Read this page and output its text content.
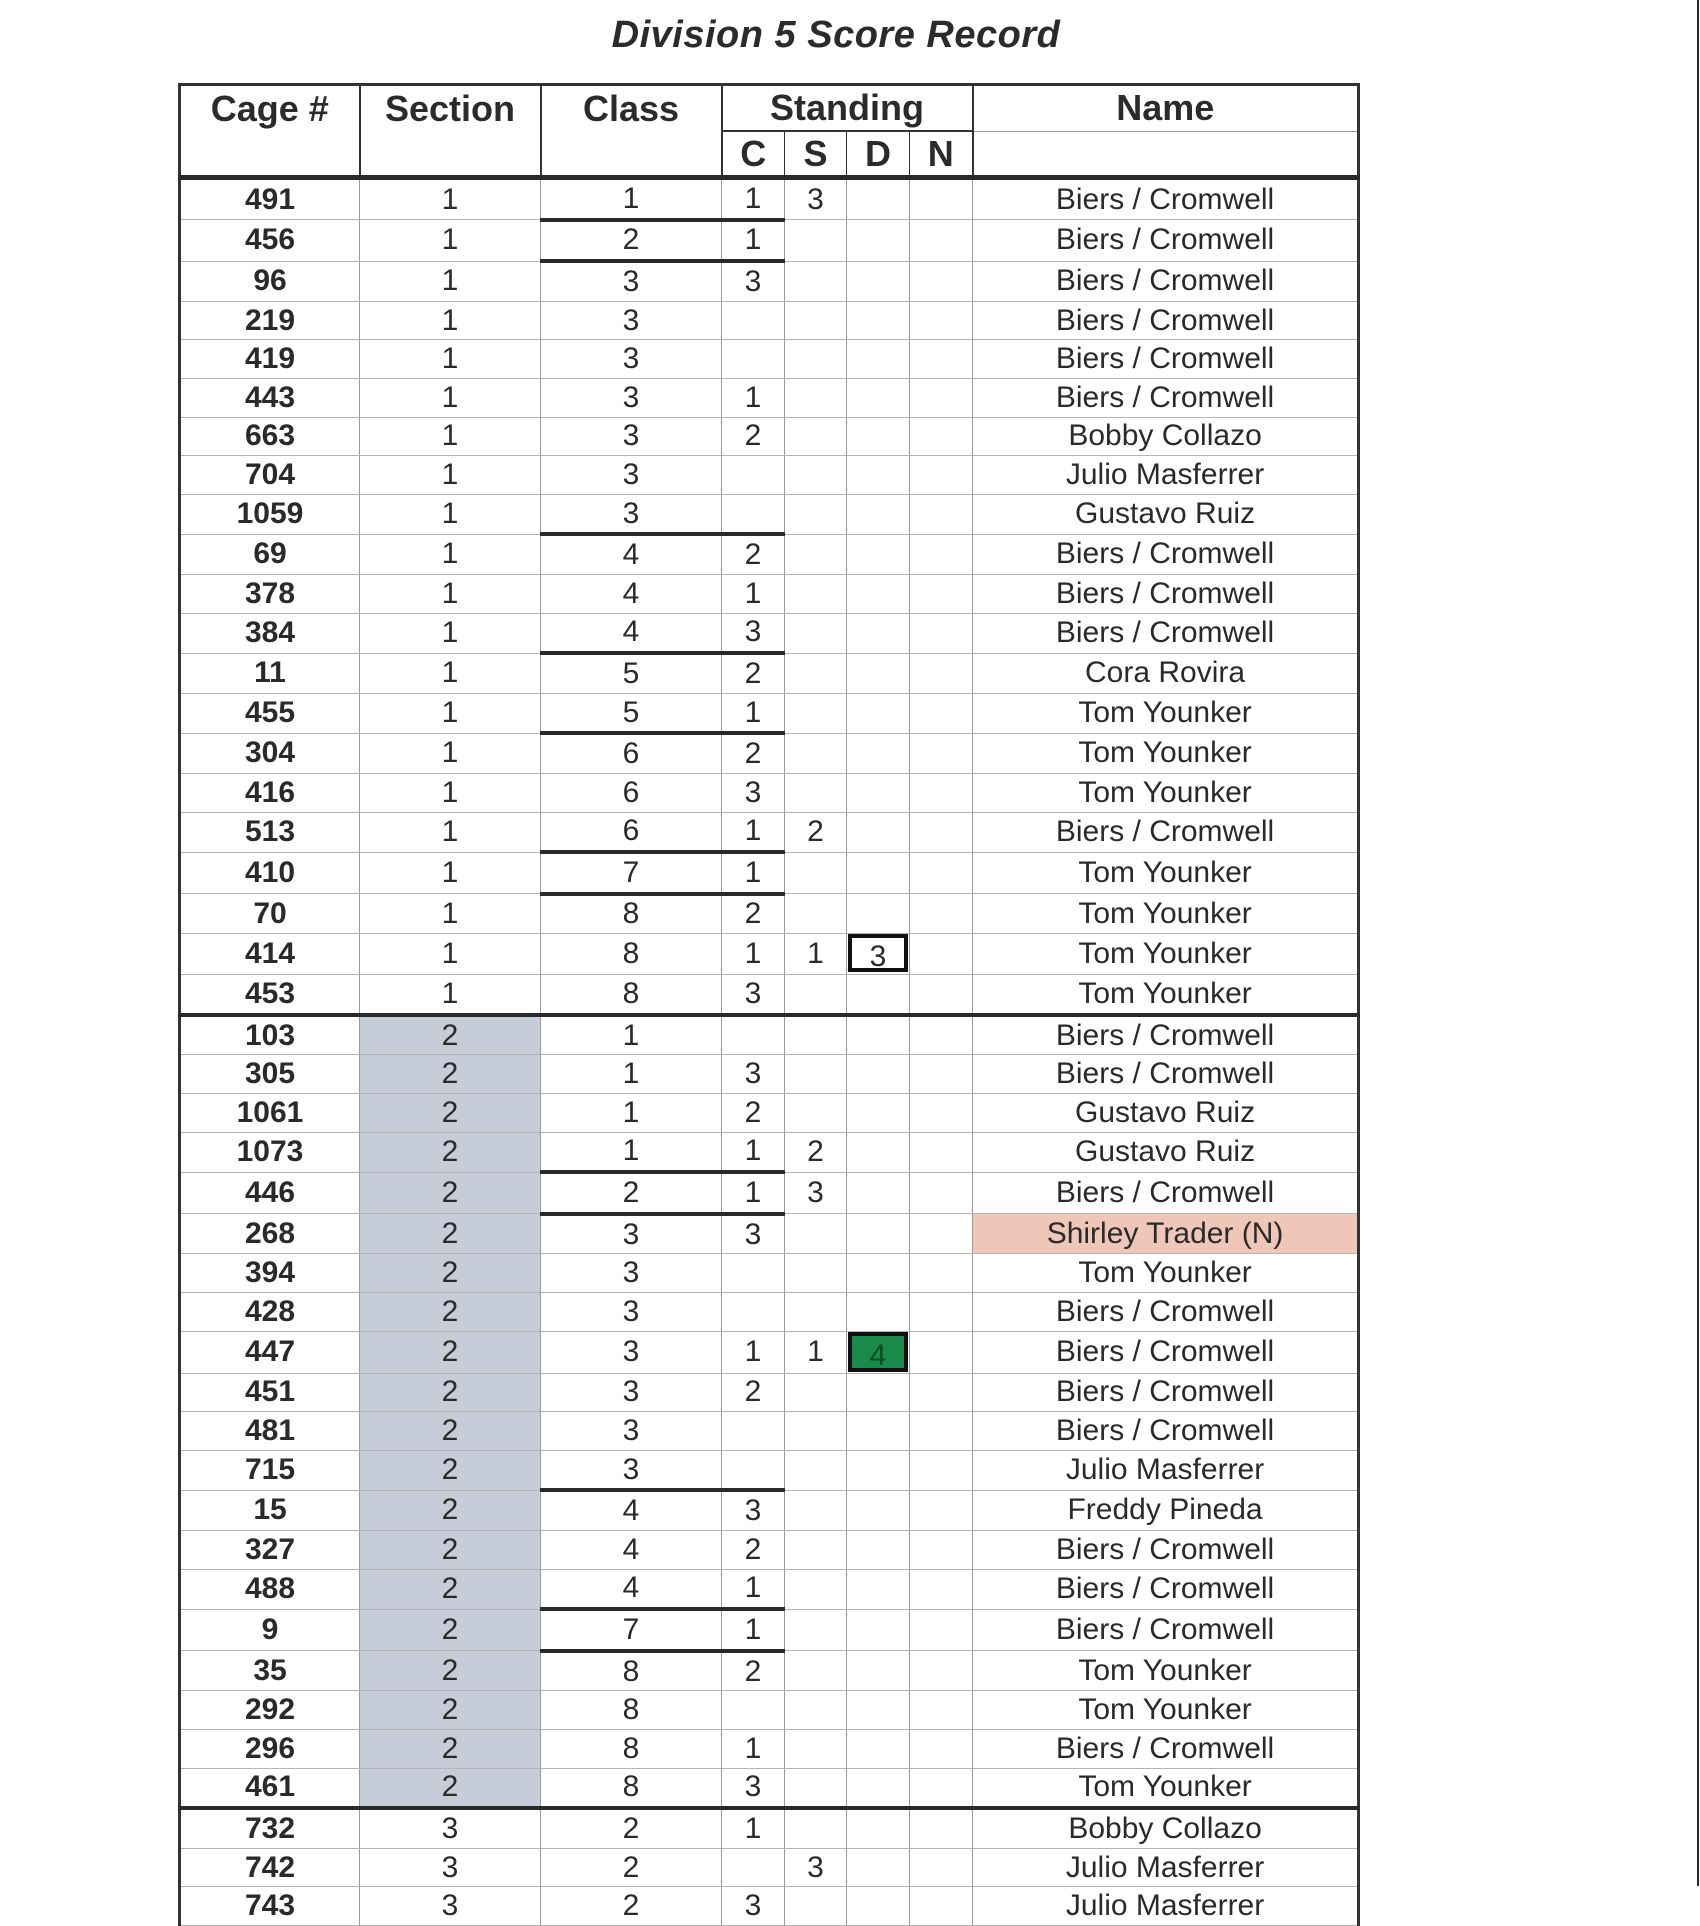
Division 5 Score Record
Cage #	Section	Class	Standing				Name
			C	S	D	N	
491	1	1	1	3			Biers / Cromwell
456	1	2	1				Biers / Cromwell
96	1	3	3				Biers / Cromwell
219	1	3					Biers / Cromwell
419	1	3					Biers / Cromwell
443	1	3	1				Biers / Cromwell
663	1	3	2				Bobby Collazo
704	1	3					Julio Masferrer
1059	1	3					Gustavo Ruiz
69	1	4	2				Biers / Cromwell
378	1	4	1				Biers / Cromwell
384	1	4	3				Biers / Cromwell
11	1	5	2				Cora Rovira
455	1	5	1				Tom Younker
304	1	6	2				Tom Younker
416	1	6	3				Tom Younker
513	1	6	1	2			Biers / Cromwell
410	1	7	1				Tom Younker
70	1	8	2				Tom Younker
414	1	8	1	1	3		Tom Younker
453	1	8	3				Tom Younker
103	2	1					Biers / Cromwell
305	2	1	3				Biers / Cromwell
1061	2	1	2				Gustavo Ruiz
1073	2	1	1	2			Gustavo Ruiz
446	2	2	1	3			Biers / Cromwell
268	2	3	3				Shirley Trader (N)
394	2	3					Tom Younker
428	2	3					Biers / Cromwell
447	2	3	1	1	4		Biers / Cromwell
451	2	3	2				Biers / Cromwell
481	2	3					Biers / Cromwell
715	2	3					Julio Masferrer
15	2	4	3				Freddy Pineda
327	2	4	2				Biers / Cromwell
488	2	4	1				Biers / Cromwell
9	2	7	1				Biers / Cromwell
35	2	8	2				Tom Younker
292	2	8					Tom Younker
296	2	8	1				Biers / Cromwell
461	2	8	3				Tom Younker
732	3	2	1				Bobby Collazo
742	3	2		3			Julio Masferrer
743	3	2	3				Julio Masferrer
